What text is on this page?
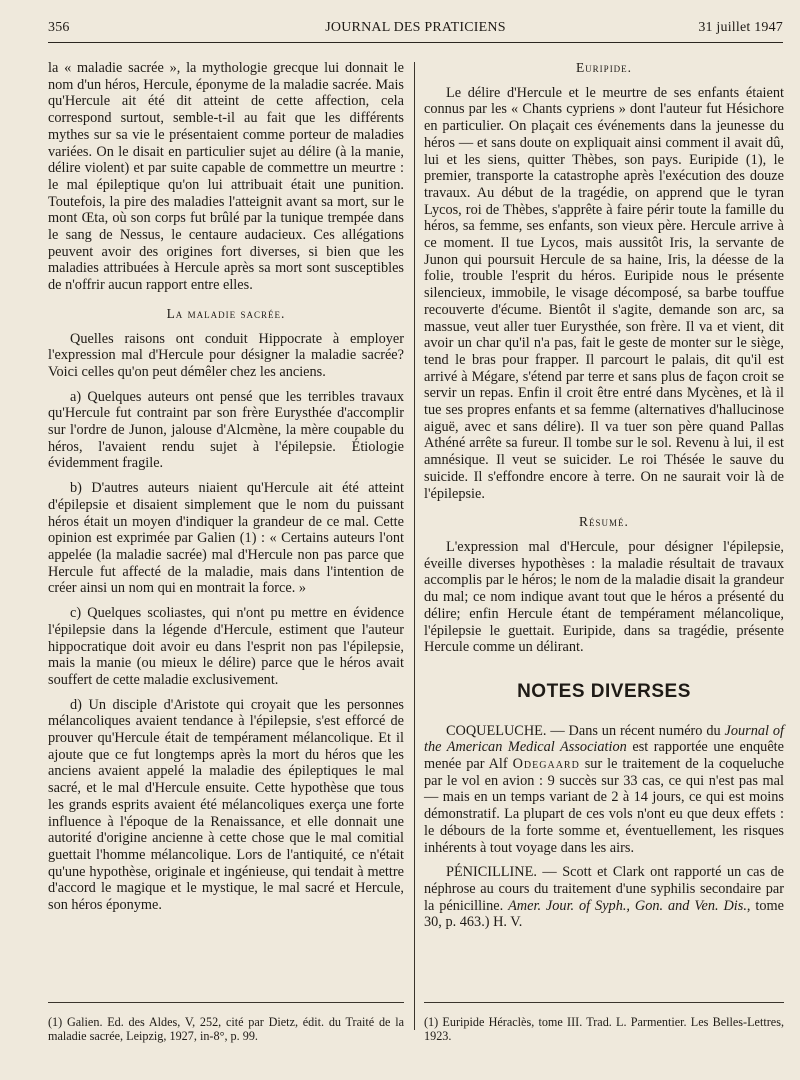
356	JOURNAL DES PRATICIENS	31 juillet 1947

la « maladie sacrée », la mythologie grecque lui donnait le nom d'un héros, Hercule, éponyme de la maladie sacrée. Mais qu'Hercule ait été dit atteint de cette affection, cela correspond surtout, semble-t-il au fait que les différents mythes sur sa vie le présentaient comme porteur de maladies variées. On le disait en particulier sujet au délire (à la manie, délire violent) et par suite capable de commettre un meurtre : le mal épileptique qu'on lui attribuait était une punition. Toutefois, la pire des maladies l'atteignit avant sa mort, sur le mont Œta, où son corps fut brûlé par la tunique trempée dans le sang de Nessus, le centaure audacieux. Ces allégations peuvent avoir des origines fort diverses, si bien que les maladies attribuées à Hercule après sa mort sont susceptibles de n'offrir aucun rapport entre elles.

La maladie sacrée.

Quelles raisons ont conduit Hippocrate à employer l'expression mal d'Hercule pour désigner la maladie sacrée? Voici celles qu'on peut démêler chez les anciens.

a) Quelques auteurs ont pensé que les terribles travaux qu'Hercule fut contraint par son frère Eurysthée d'accomplir sur l'ordre de Junon, jalouse d'Alcmène, la mère coupable du héros, l'avaient rendu sujet à l'épilepsie. Étiologie évidemment fragile.

b) D'autres auteurs niaient qu'Hercule ait été atteint d'épilepsie et disaient simplement que le nom du puissant héros était un moyen d'indiquer la grandeur de ce mal. Cette opinion est exprimée par Galien (1) : « Certains auteurs l'ont appelée (la maladie sacrée) mal d'Hercule non pas parce que Hercule fut affecté de la maladie, mais dans l'intention de créer ainsi un nom qui en montrait la force. »

c) Quelques scoliastes, qui n'ont pu mettre en évidence l'épilepsie dans la légende d'Hercule, estiment que l'auteur hippocratique doit avoir eu dans l'esprit non pas l'épilepsie, mais la manie (ou mieux le délire) parce que le héros avait souffert de cette maladie exclusivement.

d) Un disciple d'Aristote qui croyait que les personnes mélancoliques avaient tendance à l'épilepsie, s'est efforcé de prouver qu'Hercule était de tempérament mélancolique. Et il ajoute que ce fut longtemps après la mort du héros que les anciens avaient appelé la maladie des épileptiques le mal sacré, et le mal d'Hercule ensuite. Cette hypothèse que tous les grands esprits avaient été mélancoliques exerça une forte influence à l'époque de la Renaissance, et elle donnait une autorité d'origine ancienne à cette chose que le mal comitial guettait l'homme mélancolique. Lors de l'antiquité, ce n'était qu'une hypothèse, originale et ingénieuse, qui tendait à mettre d'accord le magique et le mystique, le mal sacré et Hercule, son héros éponyme.

Euripide.

Le délire d'Hercule et le meurtre de ses enfants étaient connus par les « Chants cypriens » dont l'auteur fut Hésichore en particulier. On plaçait ces événements dans la jeunesse du héros — et sans doute on expliquait ainsi comment il avait dû, lui et les siens, quitter Thèbes, son pays. Euripide (1), le premier, transporte la catastrophe après l'exécution des douze travaux. Au début de la tragédie, on apprend que le tyran Lycos, roi de Thèbes, s'apprête à faire périr toute la famille du héros, sa femme, ses enfants, son vieux père. Hercule arrive à ce moment. Il tue Lycos, mais aussitôt Iris, la servante de Junon qui poursuit Hercule de sa haine, Iris, la déesse de la folie, trouble l'esprit du héros. Euripide nous le présente silencieux, immobile, le visage décomposé, sa barbe touffue recouverte d'écume. Bientôt il s'agite, demande son arc, sa massue, veut aller tuer Eurysthée, son frère. Il va et vient, dit avoir un char qu'il n'a pas, fait le geste de monter sur le siège, tend le bras pour frapper. Il parcourt le palais, dit qu'il est arrivé à Mégare, s'étend par terre et sans plus de façon croit se servir un repas. Enfin il croit être entré dans Mycènes, et là il tue ses propres enfants et sa femme (alternatives d'hallucinose aiguë, avec et sans délire). Il va tuer son père quand Pallas Athéné arrête sa fureur. Il tombe sur le sol. Revenu à lui, il est amnésique. Il veut se suicider. Le roi Thésée le sauve du suicide. Il s'effondre encore à terre. On ne saurait voir là de l'épilepsie.

Résumé.

L'expression mal d'Hercule, pour désigner l'épilepsie, éveille diverses hypothèses : la maladie résultait de travaux accomplis par le héros; le nom de la maladie disait la grandeur du mal; ce nom indique avant tout que le héros a présenté du délire; enfin Hercule étant de tempérament mélancolique, l'épilepsie le guettait. Euripide, dans sa tragédie, présente Hercule comme un délirant.

NOTES DIVERSES

COQUELUCHE. — Dans un récent numéro du Journal of the American Medical Association est rapportée une enquête menée par Alf Odegaard sur le traitement de la coqueluche par le vol en avion : 9 succès sur 33 cas, ce qui n'est pas mal — mais en un temps variant de 2 à 14 jours, ce qui est moins démonstratif. La plupart de ces vols n'ont eu que deux effets : le débours de la forte somme et, éventuellement, les risques inhérents à tout voyage dans les airs.

PÉNICILLINE. — Scott et Clark ont rapporté un cas de néphrose au cours du traitement d'une syphilis secondaire par la pénicilline. Amer. Jour. of Syph., Gon. and Ven. Dis., tome 30, p. 463.) H. V.

(1) Galien. Ed. des Aldes, V, 252, cité par Dietz, édit. du Traité de la maladie sacrée, Leipzig, 1927, in-8°, p. 99.
(1) Euripide Héraclès, tome III. Trad. L. Parmentier. Les Belles-Lettres, 1923.
